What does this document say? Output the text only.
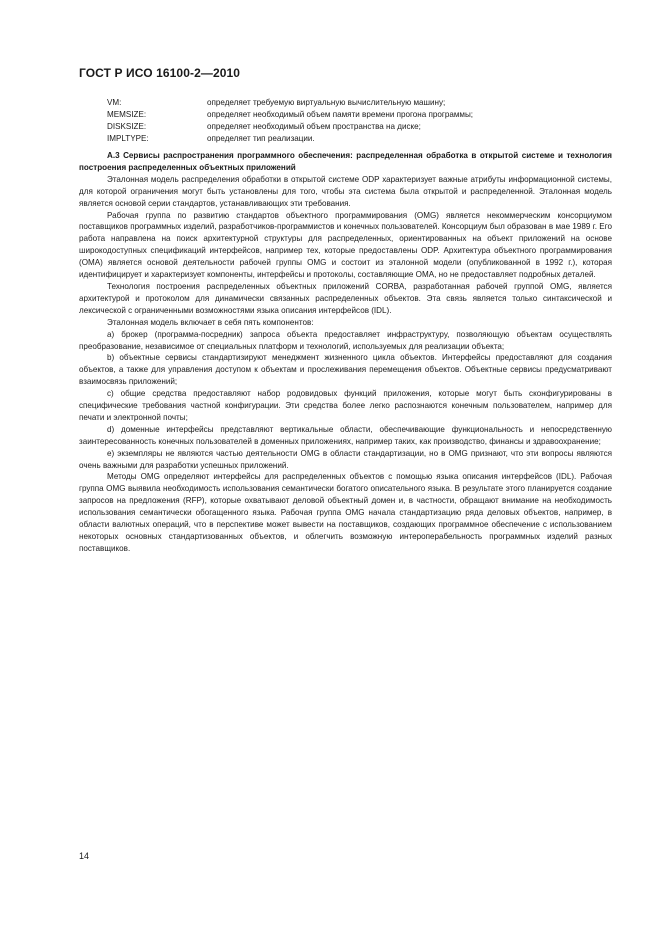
ГОСТ Р ИСО 16100-2—2010
VM:	определяет требуемую виртуальную вычислительную машину;
MEMSIZE:	определяет необходимый объем памяти времени прогона программы;
DISKSIZE:	определяет необходимый объем пространства на диске;
IMPLTYPE:	определяет тип реализации.

А.3 Сервисы распространения программного обеспечения: распределенная обработка в открытой системе и технология построения распределенных объектных приложений

Эталонная модель распределения обработки в открытой системе ODP характеризует важные атрибуты информационной системы, для которой ограничения могут быть установлены для того, чтобы эта система была открытой и распределенной. Эталонная модель является основой серии стандартов, устанавливающих эти требования.

Рабочая группа по развитию стандартов объектного программирования (OMG) является некоммерческим консорциумом поставщиков программных изделий, разработчиков-программистов и конечных пользователей. Консорциум был образован в мае 1989 г. Его работа направлена на поиск архитектурной структуры для распределенных, ориентированных на объект приложений на основе широкодоступных спецификаций интерфейсов, например тех, которые предоставлены ODP. Архитектура объектного программирования (OMA) является основой деятельности рабочей группы OMG и состоит из эталонной модели (опубликованной в 1992 г.), которая идентифицирует и характеризует компоненты, интерфейсы и протоколы, составляющие OMA, но не предоставляет подробных деталей.

Технология построения распределенных объектных приложений CORBA, разработанная рабочей группой OMG, является архитектурой и протоколом для динамически связанных распределенных объектов. Эта связь является только синтаксической и лексической с ограниченными возможностями языка описания интерфейсов (IDL).

Эталонная модель включает в себя пять компонентов:

а) брокер (программа-посредник) запроса объекта предоставляет инфраструктуру, позволяющую объектам осуществлять преобразование, независимое от специальных платформ и технологий, используемых для реализации объекта;

b) объектные сервисы стандартизируют менеджмент жизненного цикла объектов. Интерфейсы предоставляют для создания объектов, а также для управления доступом к объектам и прослеживания перемещения объектов. Объектные сервисы предусматривают взаимосвязь приложений;

c) общие средства предоставляют набор родовидовых функций приложения, которые могут быть сконфигурированы в специфические требования частной конфигурации. Эти средства более легко распознаются конечным пользователем, например для печати и электронной почты;

d) доменные интерфейсы представляют вертикальные области, обеспечивающие функциональность и непосредственную заинтересованность конечных пользователей в доменных приложениях, например таких, как производство, финансы и здравоохранение;

e) экземпляры не являются частью деятельности OMG в области стандартизации, но в OMG признают, что эти вопросы являются очень важными для разработки успешных приложений.

Методы OMG определяют интерфейсы для распределенных объектов с помощью языка описания интерфейсов (IDL). Рабочая группа OMG выявила необходимость использования семантически богатого описательного языка. В результате этого планируется создание запросов на предложения (RFP), которые охватывают деловой объектный домен и, в частности, обращают внимание на необходимость использования семантически обогащенного языка. Рабочая группа OMG начала стандартизацию ряда деловых объектов, например, в области валютных операций, что в перспективе может вывести на поставщиков, создающих программное обеспечение с использованием некоторых основных стандартизованных объектов, и облегчить возможную интероперабельность программных изделий разных поставщиков.

14
